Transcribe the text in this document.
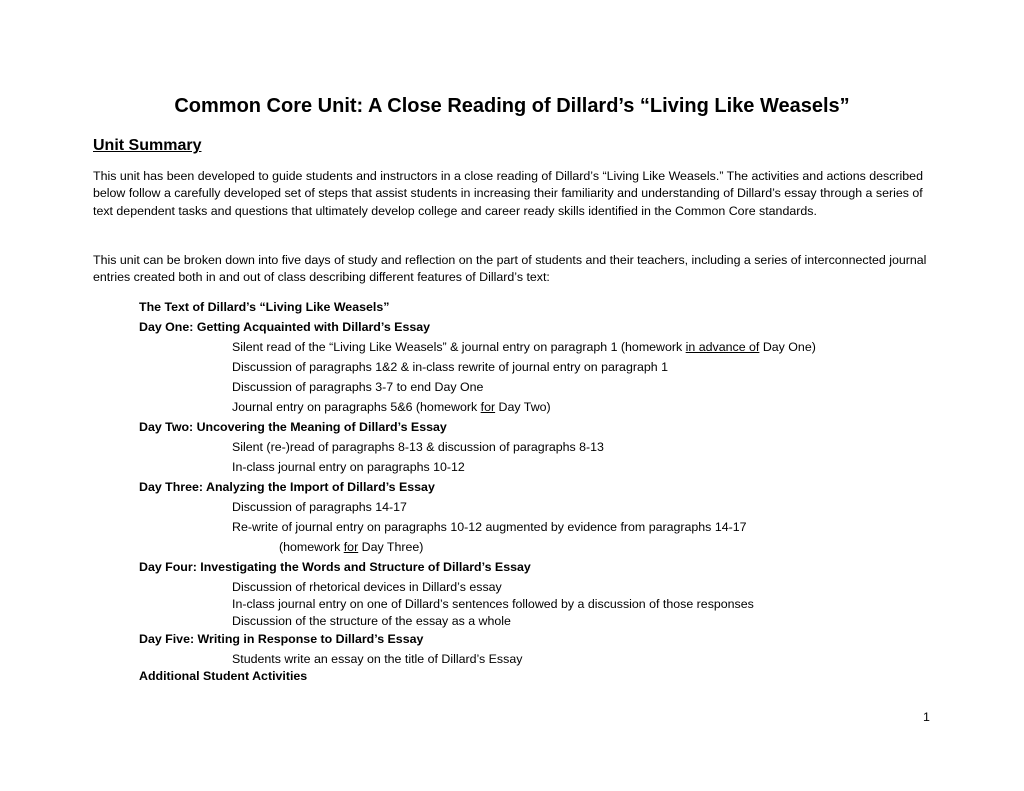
Common Core Unit: A Close Reading of Dillard’s “Living Like Weasels”
Unit Summary
This unit has been developed to guide students and instructors in a close reading of Dillard’s “Living Like Weasels.” The activities and actions described below follow a carefully developed set of steps that assist students in increasing their familiarity and understanding of Dillard’s essay through a series of text dependent tasks and questions that ultimately develop college and career ready skills identified in the Common Core standards.
This unit can be broken down into five days of study and reflection on the part of students and their teachers, including a series of interconnected journal entries created both in and out of class describing different features of Dillard’s text:
The Text of Dillard’s “Living Like Weasels”
Day One: Getting Acquainted with Dillard’s Essay
Silent read of the “Living Like Weasels” & journal entry on paragraph 1 (homework in advance of Day One)
Discussion of paragraphs 1&2 & in-class rewrite of journal entry on paragraph 1
Discussion of paragraphs 3-7 to end Day One
Journal entry on paragraphs 5&6 (homework for Day Two)
Day Two: Uncovering the Meaning of Dillard’s Essay
Silent (re-)read of paragraphs 8-13 & discussion of paragraphs 8-13
In-class journal entry on paragraphs 10-12
Day Three: Analyzing the Import of Dillard’s Essay
Discussion of paragraphs 14-17
Re-write of journal entry on paragraphs 10-12 augmented by evidence from paragraphs 14-17
(homework for Day Three)
Day Four: Investigating the Words and Structure of Dillard’s Essay
Discussion of rhetorical devices in Dillard’s essay
In-class journal entry on one of Dillard’s sentences followed by a discussion of those responses
Discussion of the structure of the essay as a whole
Day Five: Writing in Response to Dillard’s Essay
Students write an essay on the title of Dillard’s Essay
Additional Student Activities
1
